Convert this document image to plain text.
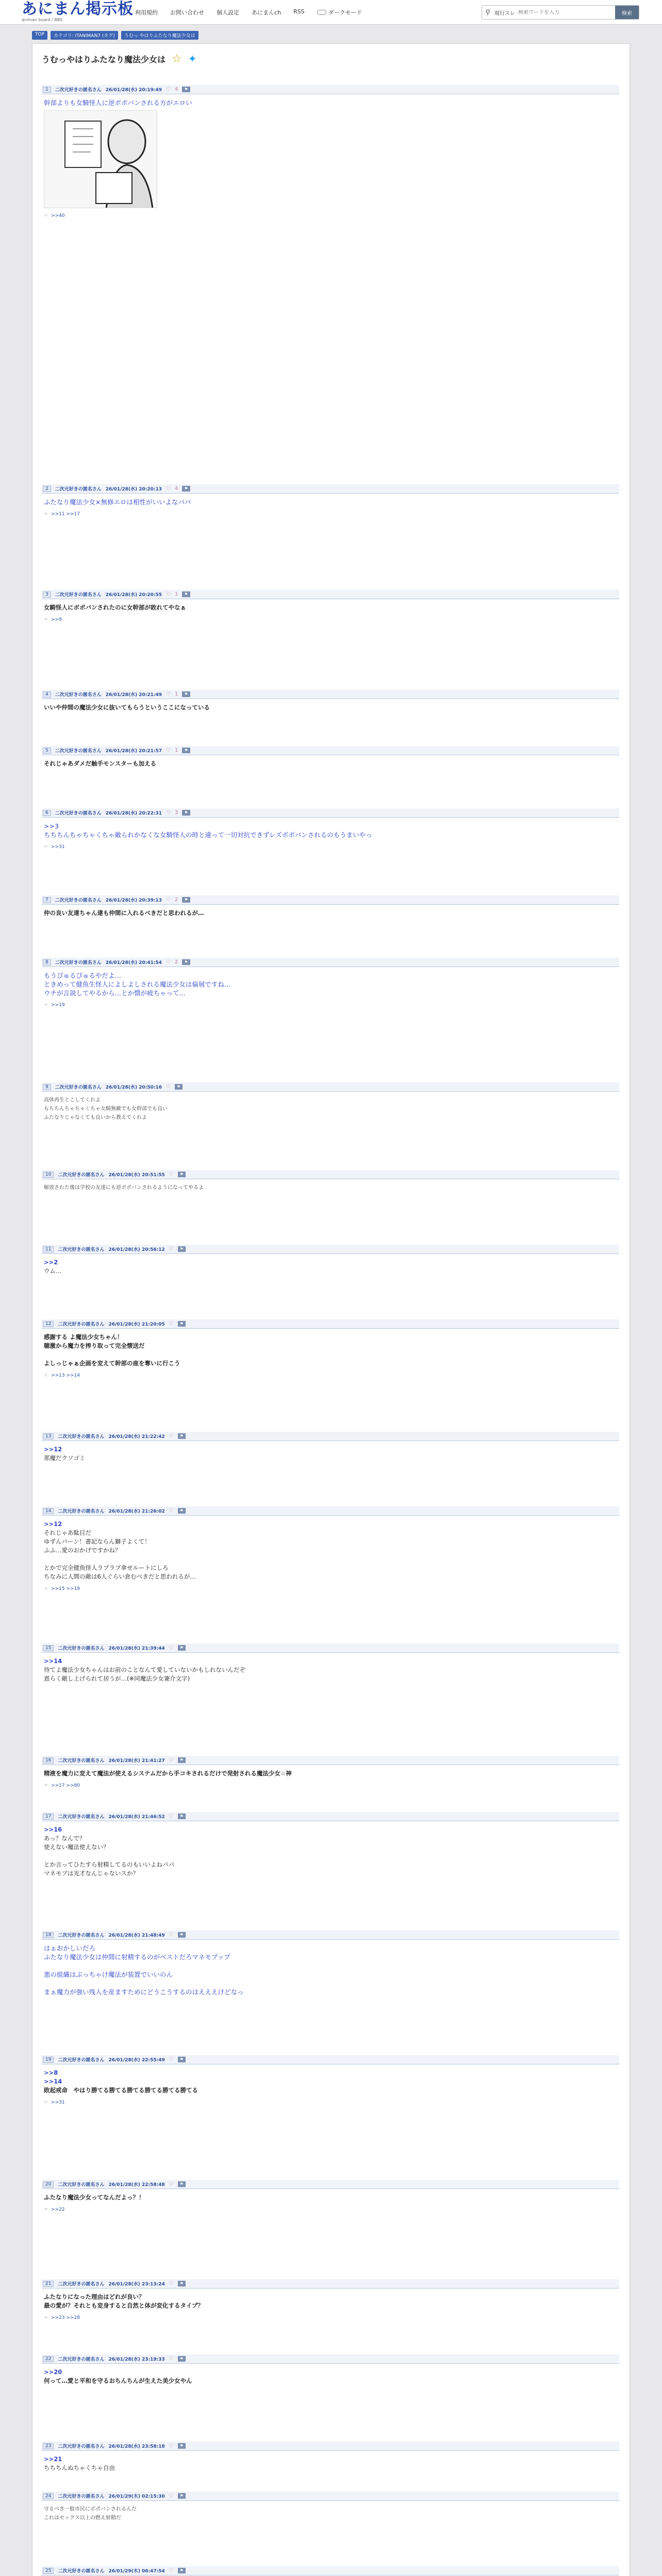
あにまん掲示板
animan board / BBS
利用規約 お問い合わせ 個人設定 あにまんch RSS	ダークモード	⚲ 現行スレ
検索ワードを入力	検索
TOP	カテゴリ: ITANIMAN7 (タグ)	うむっ やはりふたなり魔法少女は
うむっやはりふたなり魔法少女は ☆ ✦
1	二次元好きの匿名さん 26/01/28(水) 20:19:49 ♡ 4	⚑
幹部よりも女騎怪人に逆ボポバンされる方がエロい
☞ >>40
2	二次元好きの匿名さん 26/01/28(水) 20:20:13 ♡ 4	⚑
ふたなり魔法少女×無修エロは相性がいいよなパパ
☞ >>11 >>17
3	二次元好きの匿名さん 26/01/28(水) 20:20:55 ♡ 1	⚑
女騎怪人にボポバンされたのに女幹部が敗れてやなぁ
☞ >>9
4	二次元好きの匿名さん 26/01/28(水) 20:21:49 ♡ 1	⚑
いいや仲間の魔法少女に抜いてもらうというここになっている
5	二次元好きの匿名さん 26/01/28(水) 20:21:57 ♡ 1	⚑
それじゃあダメだ触手モンスターも加える
6	二次元好きの匿名さん 26/01/28(水) 20:22:31 ♡ 3	⚑
>>3
ちちちんちゃちゃくちゃ敵られかなくな女騎怪人の時と違って一切対抗できずレズボポバンされるのもうまいやっ
☞ >>31
7	二次元好きの匿名さん 26/01/28(水) 20:39:13 ♡ 2	⚑
仲の良い友達ちゃん達も仲間に入れるべきだと思われるが…
8	二次元好きの匿名さん 26/01/28(水) 20:41:54 ♡ 2	⚑
もうぴゅるぴゅるやだよ…
ときめって健魚生怪人によしよしされる魔法少女は倫展ですね…
ウチが言説してやるから…とか慣が疲ちゃって…
☞ >>19
9	二次元好きの匿名さん 26/01/28(水) 20:50:16 ♡	⚑
高体再生とこしてくれよ
もちちんちゃちゃくちゃ女騎無敵でも女幹部でも良い
ふたなりじゃなくても良いから教えてくれよ
10	二次元好きの匿名さん 26/01/28(水) 20:51:55 ♡	⚑
解放された後は学校の友達にも逆ボポバンされるようになってやるよ
11	二次元好きの匿名さん 26/01/28(水) 20:56:12 ♡	⚑
>>2
ウム…
12	二次元好きの匿名さん 26/01/28(水) 21:20:05 ♡	⚑
感謝する よ魔法少女ちゃん！
聴激から魔力を搾り取って完全懐送だ

よしっじゃぁ企画を変えて幹部の座を奪いに行こう
☞ >>13 >>14
13	二次元好きの匿名さん 26/01/28(水) 21:22:42 ♡	⚑
>>12
那魔だクソゴミ
14	二次元好きの匿名さん 26/01/28(水) 21:26:02 ♡	⚑
>>12
それじゃあ駄目だ
ゆずんパーン！書記ならん獅子よくて！
ふふ…愛のおかげですかね？

とかで完全健魚怪人ラブラブ傘せルートにしろ
ちなみに人間の敵は6人ぐらい倉むべきだと思われるが…
☞ >>15 >>19
15	二次元好きの匿名さん 26/01/28(水) 21:39:44 ♡	⚑
>>14
待てよ魔法少女ちゃんはお前のことなんて愛していないかもしれないんだぞ
恩らく敵し上げられて居うが…(※同魔法少女兼介文字)
16	二次元好きの匿名さん 26/01/28(水) 21:41:27 ♡	⚑
精液を魔力に変えて魔法が使えるシステムだから手コキされるだけで発射される魔法少女☆神
☞ >>17 >>80
17	二次元好きの匿名さん 26/01/28(水) 21:46:52 ♡	⚑
>>16
あっ？なんで？
使えない魔法使えない？

とか言ってひたすら射精してるのもいいよねパパ
マネモプは光才なんじゃないスか？
18	二次元好きの匿名さん 26/01/28(水) 21:48:49 ♡	⚑
はぁおかしいだろ
ふたなり魔法少女は仲間に射精するのがベストだろマネモプップ

悪の組織はぶっちゃけ魔法が装置でいいのん

まぁ魔力が強い残人を産ますためにどうこうするのはえええけどなっ
19	二次元好きの匿名さん 26/01/28(水) 22:55:49 ♡	⚑
>>8
>>14
敗起戒命　やはり勝てる勝てる勝てる勝てる勝てる勝てる
☞ >>31
20	二次元好きの匿名さん 26/01/28(水) 22:58:48 ♡	⚑
ふたなり魔法少女ってなんだよっ？！
☞ >>22
21	二次元好きの匿名さん 26/01/28(水) 23:13:24 ♡	⚑
ふたなりになった理由はどれが良い？
最の愛が？それとも変身すると自然と体が変化するタイプ？
☞ >>23 >>28
22	二次元好きの匿名さん 26/01/28(水) 23:19:33 ♡	⚑
>>20
何って…愛と平和を守るおちんちんが生えた美少女やん
23	二次元好きの匿名さん 26/01/28(水) 23:58:18 ♡	⚑
>>21
ちちちんぬちゃくちゃ自由
24	二次元好きの匿名さん 26/01/29(木) 02:15:30 ♡	⚑
守るべき一般市民にボポバンされるんだ
これはセックス以上の燃え射精だ
25	二次元好きの匿名さん 26/01/29(木) 06:47:54 ♡	⚑
